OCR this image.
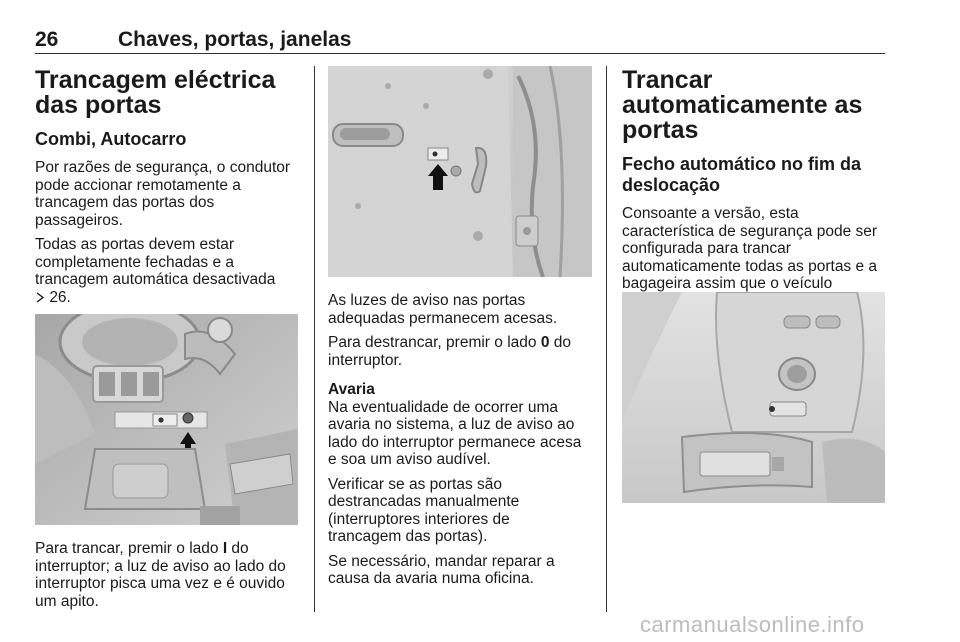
26	Chaves, portas, janelas
Trancagem eléctrica das portas
Combi, Autocarro

Por razões de segurança, o condutor
pode accionar remotamente a
trancagem das portas dos
passageiros.

Todas as portas devem estar
completamente fechadas e a
trancagem automática desactivada
26.

Para trancar, premir o lado I do
interruptor; a luz de aviso ao lado do
interruptor pisca uma vez e é ouvido
um apito.

As luzes de aviso nas portas
adequadas permanecem acesas.

Para destrancar, premir o lado 0 do
interruptor.

Avaria

Na eventualidade de ocorrer uma
avaria no sistema, a luz de aviso ao
lado do interruptor permanece acesa
e soa um aviso audível.

Verificar se as portas são
destrancadas manualmente
(interruptores interiores de
trancagem das portas).

Se necessário, mandar reparar a
causa da avaria numa oficina.

Trancar automaticamente as portas
Fecho automático no fim da deslocação

Consoante a versão, esta
característica de segurança pode ser
configurada para trancar
automaticamente todas as portas e a
bagageira assim que o veículo

carmanualsonline.info
